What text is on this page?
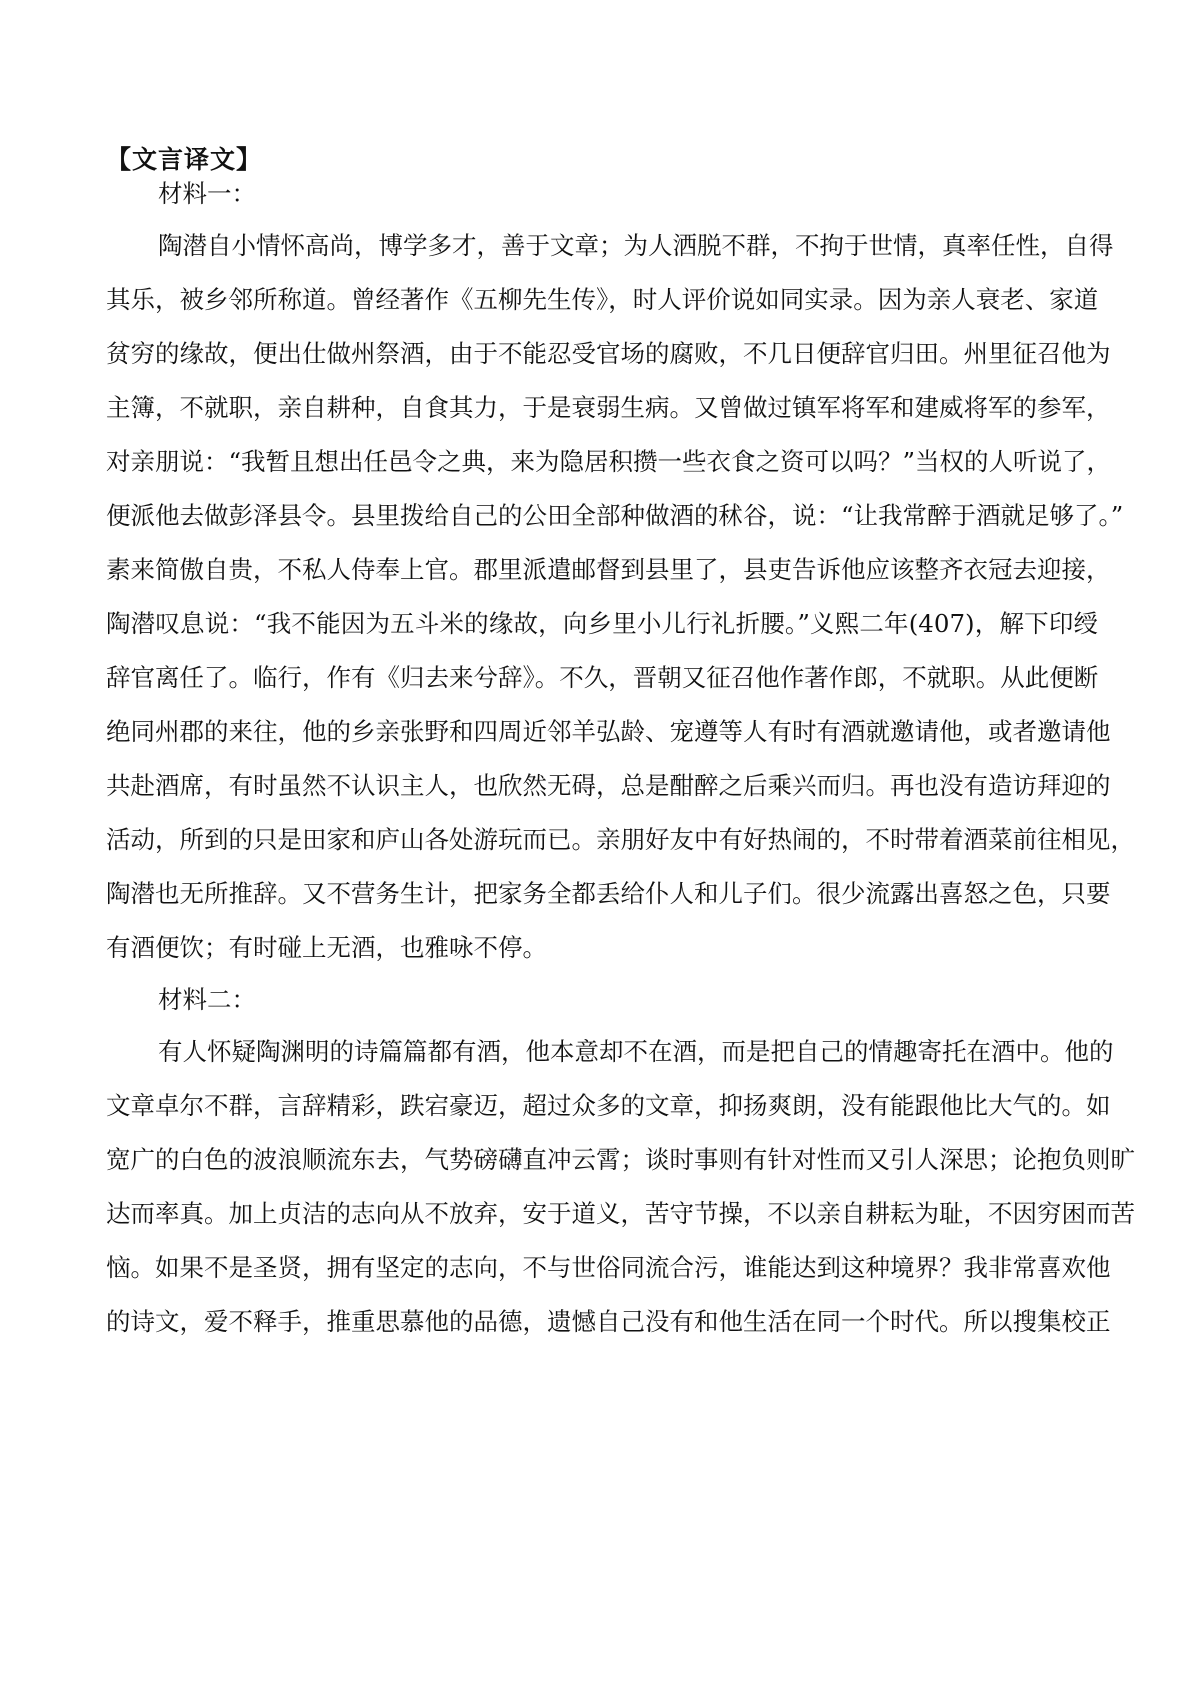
【文言译文】

材料一：

陶潜自小情怀高尚，博学多才，善于文章；为人洒脱不群，不拘于世情，真率任性，自得

其乐，被乡邻所称道。曾经著作《五柳先生传》，时人评价说如同实录。因为亲人衰老、家道

贫穷的缘故，便出仕做州祭酒，由于不能忍受官场的腐败，不几日便辞官归田。州里征召他为

主簿，不就职，亲自耕种，自食其力，于是衰弱生病。又曾做过镇军将军和建威将军的参军，

对亲朋说：“我暂且想出任邑令之典，来为隐居积攒一些衣食之资可以吗？”当权的人听说了，

便派他去做彭泽县令。县里拨给自己的公田全部种做酒的秫谷，说：“让我常醉于酒就足够了。”

素来简傲自贵，不私人侍奉上官。郡里派遣邮督到县里了，县吏告诉他应该整齐衣冠去迎接，

陶潜叹息说：“我不能因为五斗米的缘故，向乡里小儿行礼折腰。”义熙二年(407)，解下印绶

辞官离任了。临行，作有《归去来兮辞》。不久，晋朝又征召他作著作郎，不就职。从此便断

绝同州郡的来往，他的乡亲张野和四周近邻羊弘龄、宠遵等人有时有酒就邀请他，或者邀请他

共赴酒席，有时虽然不认识主人，也欣然无碍，总是酣醉之后乘兴而归。再也没有造访拜迎的

活动，所到的只是田家和庐山各处游玩而已。亲朋好友中有好热闹的，不时带着酒菜前往相见，

陶潜也无所推辞。又不营务生计，把家务全都丢给仆人和儿子们。很少流露出喜怒之色，只要

有酒便饮；有时碰上无酒，也雅咏不停。

材料二：

有人怀疑陶渊明的诗篇篇都有酒，他本意却不在酒，而是把自己的情趣寄托在酒中。他的

文章卓尔不群，言辞精彩，跌宕豪迈，超过众多的文章，抑扬爽朗，没有能跟他比大气的。如

宽广的白色的波浪顺流东去，气势磅礴直冲云霄；谈时事则有针对性而又引人深思；论抱负则旷

达而率真。加上贞洁的志向从不放弃，安于道义，苦守节操，不以亲自耕耘为耻，不因穷困而苦

恼。如果不是圣贤，拥有坚定的志向，不与世俗同流合污，谁能达到这种境界？我非常喜欢他

的诗文，爱不释手，推重思慕他的品德，遗憾自己没有和他生活在同一个时代。所以搜集校正
